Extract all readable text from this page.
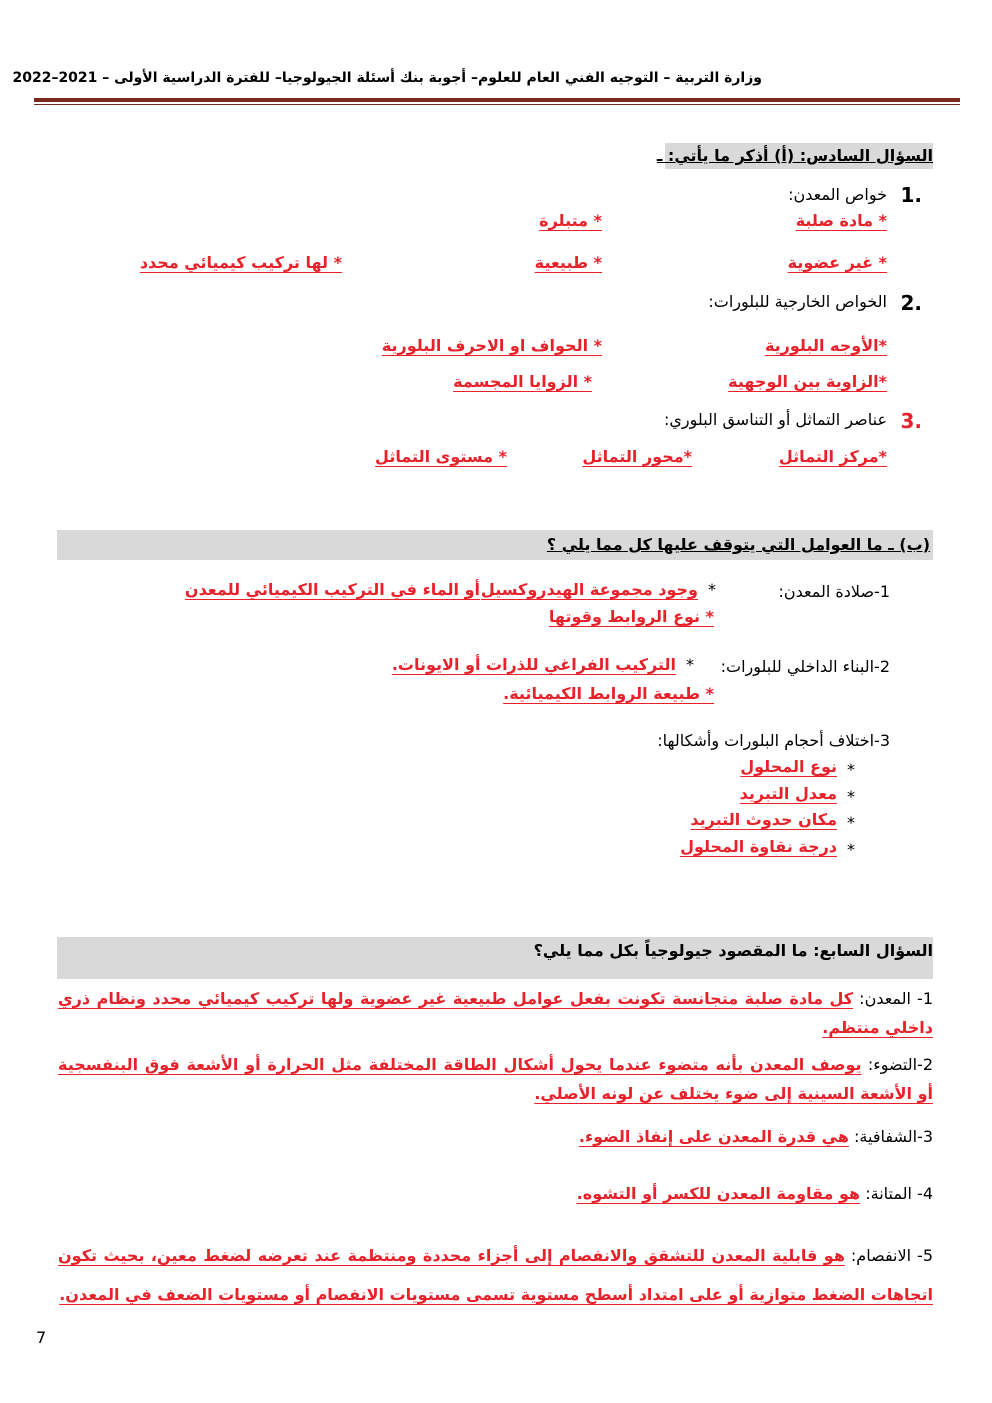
وزارة التربية – التوجيه الفني العام للعلوم– أجوبة بنك أسئلة الجيولوجيا– للفترة الدراسية الأولى – 2021–2022
السؤال السادس: (أ) أذكر ما يأتي: ـ
1.
خواص المعدن:
* مادة صلبة
* متبلرة
* غير عضوية
* طبيعية
* لها تركيب كيميائي محدد
2.
الخواص الخارجية للبلورات:
*الأوجه البلورية
* الحواف او الاحرف البلورية
*الزاوية بين الوجهية
* الزوايا المجسمة
3.
عناصر التماثل أو التناسق البلوري:
*مركز التماثل
*محور التماثل
* مستوى التماثل
(ب) ـ ما العوامل التي يتوقف عليها كل مما يلي ؟
1-صلادة المعدن:
*
وجود مجموعة الهيدروكسيل
أو الماء في التركيب الكيميائي للمعدن
* نوع الروابط وقوتها
2-البناء الداخلي للبلورات:
*
التركيب الفراغي للذرات أو الايونات.
* طبيعة الروابط الكيميائية.
3-اختلاف أحجام البلورات وأشكالها:
*
نوع المحلول
*
معدل التبريد
*
مكان حدوث التبريد
*
درجة نقاوة المحلول
السؤال السابع: ما المقصود جيولوجياً بكل مما يلي؟
1- المعدن: كل مادة صلبة متجانسة تكونت بفعل عوامل طبيعية غير عضوية ولها تركيب كيميائي محدد ونظام ذري داخلي منتظم.
2-التضوء: يوصف المعدن بأنه متضوء عندما يحول أشكال الطاقة المختلفة مثل الحرارة أو الأشعة فوق البنفسجية أو الأشعة السينية إلى ضوء يختلف عن لونه الأصلي.
3-الشفافية: هي قدرة المعدن على إنفاذ الضوء.
4- المتانة: هو مقاومة المعدن للكسر أو التشوه.
5- الانفصام: هو قابلية المعدن للتشقق والانفصام إلى أجزاء محددة ومنتظمة عند تعرضه لضغط معين، بحيث تكون اتجاهات الضغط متوازية أو على امتداد أسطح مستوية تسمى مستويات الانفصام أو مستويات الضعف في المعدن.
7
